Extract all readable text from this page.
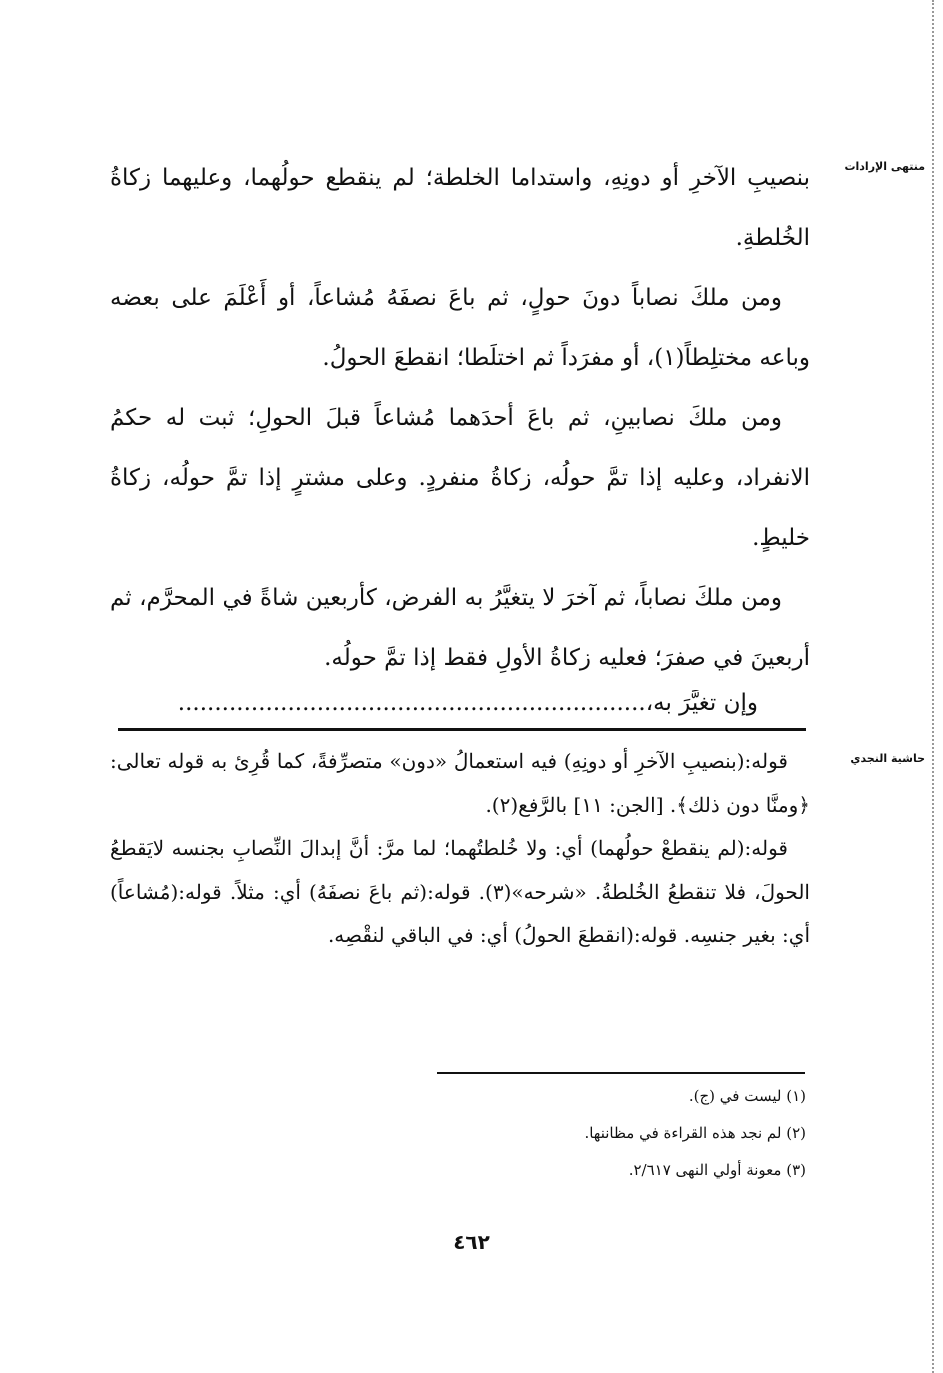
منتهى الإرادات
حاشية النجدي

بنصيبِ الآخرِ أو دونِهِ، واستداما الخلطة؛ لم ينقطع حولُهما، وعليهما زكاةُ الخُلطةِ.

ومن ملكَ نصاباً دونَ حولٍ، ثم باعَ نصفَهُ مُشاعاً، أو أَعْلَمَ على بعضه وباعه مختلِطاً(١)، أو مفرَداً ثم اختلَطا؛ انقطعَ الحولُ.

ومن ملكَ نصابينِ، ثم باعَ أحدَهما مُشاعاً قبلَ الحولِ؛ ثبت له حكمُ الانفراد، وعليه إذا تمَّ حولُه، زكاةُ منفردٍ. وعلى مشترٍ إذا تمَّ حولُه، زكاةُ خليطٍ.

ومن ملكَ نصاباً، ثم آخرَ لا يتغيَّرُ به الفرض، كأربعين شاةً في المحرَّم، ثم أربعينَ في صفرَ؛ فعليه زكاةُ الأولِ فقط إذا تمَّ حولُه.

وإن تغيَّرَ به،................................................................

قوله:(بنصيبِ الآخرِ أو دونِهِ) فيه استعمالُ «دون» متصرِّفةً، كما قُرِئ به قوله تعالى: ﴿ومنَّا دون ذلك﴾. [الجن: ١١] بالرَّفع(٢).

قوله:(لم ينقطعْ حولُهما) أي: ولا خُلطتُهما؛ لما مرَّ: أنَّ إبدالَ النِّصابِ بجنسه لايَقطعُ الحولَ، فلا تنقطعُ الخُلطةُ. «شرحه»(٣). قوله:(ثم باعَ نصفَهُ) أي: مثلاً. قوله:(مُشاعاً) أي: بغير جنسِه. قوله:(انقطعَ الحولُ) أي: في الباقي لنقْصِه.

(١) ليست في (ج).
(٢) لم نجد هذه القراءة في مظاننها.
(٣) معونة أولي النهى ٢/٦١٧.
٤٦٢
